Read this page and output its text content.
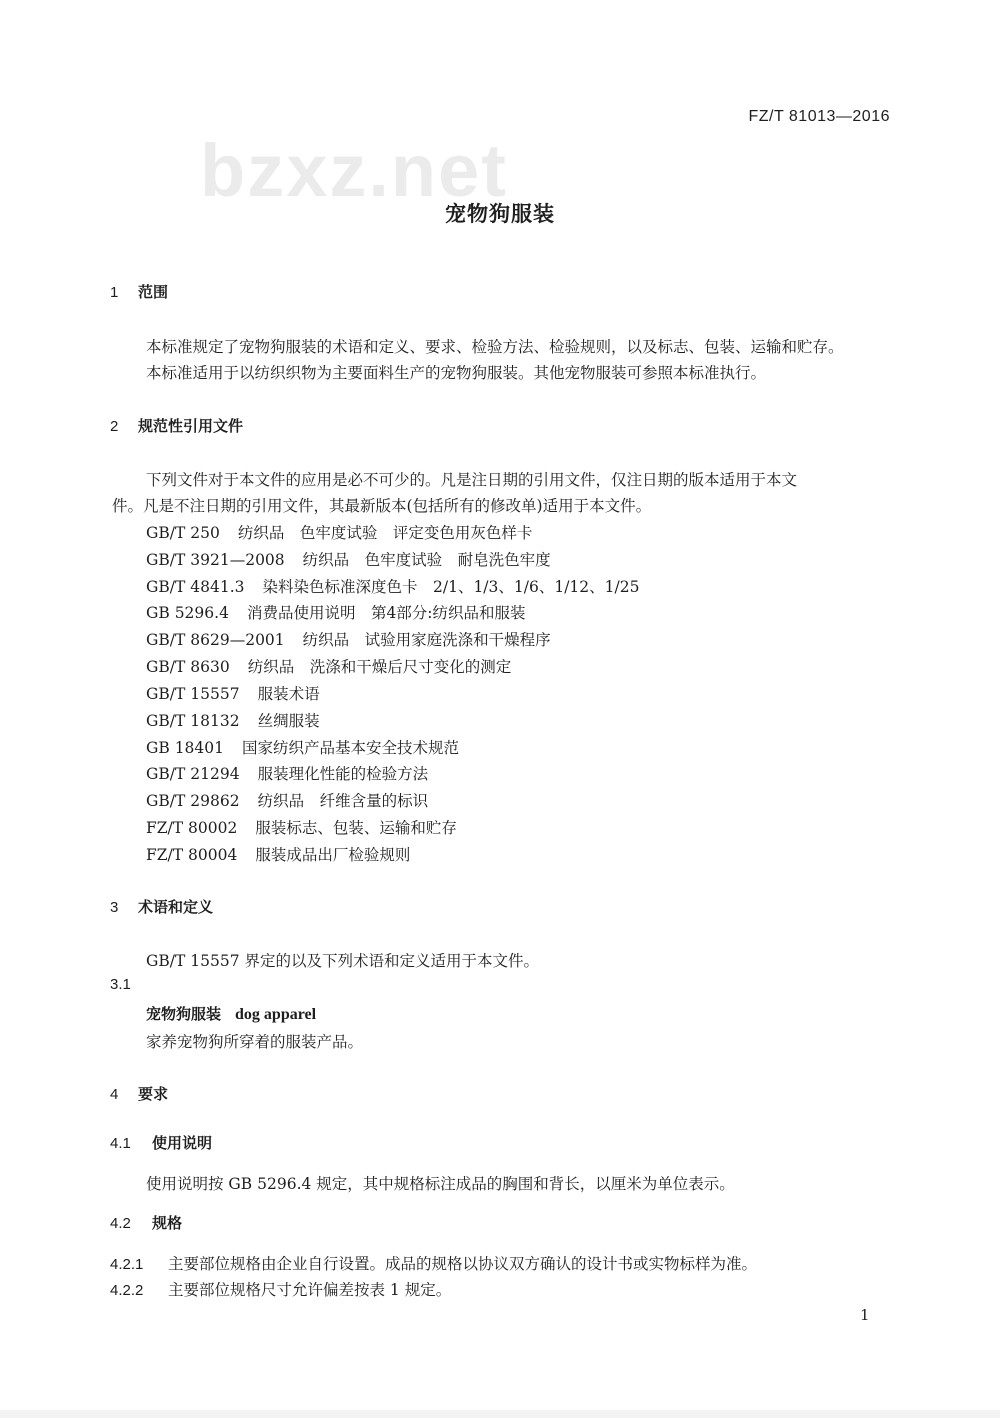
FZ/T 81013—2016
bzxz.net
宠物狗服装
1 范围
本标准规定了宠物狗服装的术语和定义、要求、检验方法、检验规则，以及标志、包装、运输和贮存。
本标准适用于以纺织织物为主要面料生产的宠物狗服装。其他宠物服装可参照本标准执行。
2 规范性引用文件
下列文件对于本文件的应用是必不可少的。凡是注日期的引用文件，仅注日期的版本适用于本文
件。凡是不注日期的引用文件，其最新版本(包括所有的修改单)适用于本文件。
GB/T 250 纺织品　色牢度试验　评定变色用灰色样卡
GB/T 3921—2008 纺织品　色牢度试验　耐皂洗色牢度
GB/T 4841.3 染料染色标准深度色卡　2/1、1/3、1/6、1/12、1/25
GB 5296.4 消费品使用说明　第4部分:纺织品和服装
GB/T 8629—2001 纺织品　试验用家庭洗涤和干燥程序
GB/T 8630 纺织品　洗涤和干燥后尺寸变化的测定
GB/T 15557 服装术语
GB/T 18132 丝绸服装
GB 18401 国家纺织产品基本安全技术规范
GB/T 21294 服装理化性能的检验方法
GB/T 29862 纺织品　纤维含量的标识
FZ/T 80002 服装标志、包装、运输和贮存
FZ/T 80004 服装成品出厂检验规则
3 术语和定义
GB/T 15557 界定的以及下列术语和定义适用于本文件。
3.1
宠物狗服装 dog apparel
家养宠物狗所穿着的服装产品。
4 要求
4.1 使用说明
使用说明按 GB 5296.4 规定，其中规格标注成品的胸围和背长，以厘米为单位表示。
4.2 规格
4.2.1 主要部位规格由企业自行设置。成品的规格以协议双方确认的设计书或实物标样为准。
4.2.2 主要部位规格尺寸允许偏差按表 1 规定。
1
